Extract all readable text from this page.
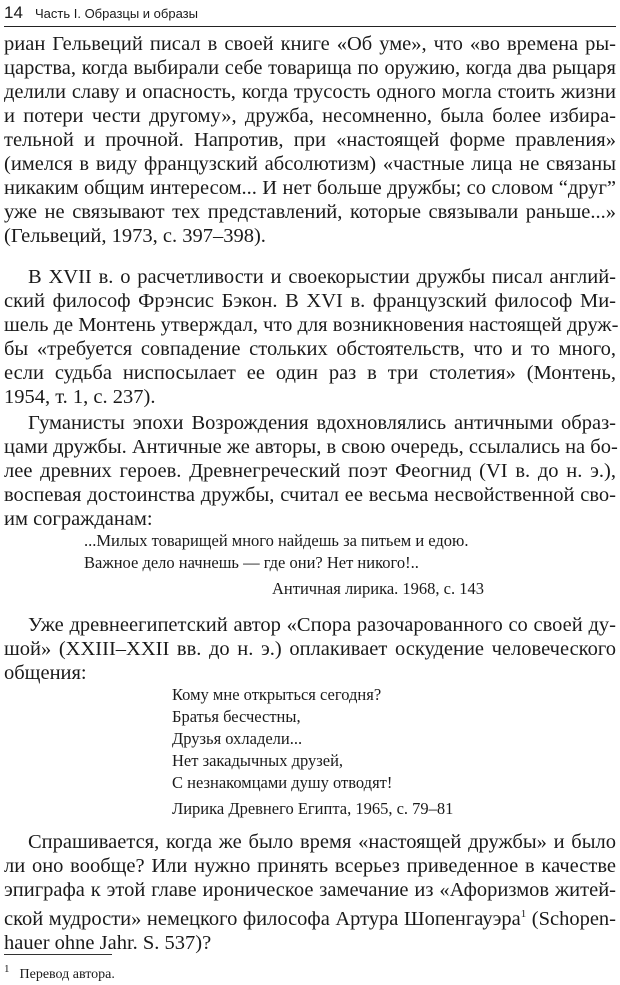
14 Часть I. Образцы и образы
риан Гельвеций писал в своей книге «Об уме», что «во времена ры-
царства, когда выбирали себе товарища по оружию, когда два рыцаря
делили славу и опасность, когда трусость одного могла стоить жизни
и потери чести другому», дружба, несомненно, была более избира-
тельной и прочной. Напротив, при «настоящей форме правления»
(имелся в виду французский абсолютизм) «частные лица не связаны
никаким общим интересом... И нет больше дружбы; со словом “друг”
уже не связывают тех представлений, которые связывали раньше...»
(Гельвеций, 1973, с. 397–398).
В XVII в. о расчетливости и своекорыстии дружбы писал англий-
ский философ Фрэнсис Бэкон. В XVI в. французский философ Ми-
шель де Монтень утверждал, что для возникновения настоящей друж-
бы «требуется совпадение стольких обстоятельств, что и то много,
если судьба ниспосылает ее один раз в три столетия» (Монтень,
1954, т. 1, с. 237).
Гуманисты эпохи Возрождения вдохновлялись античными образ-
цами дружбы. Античные же авторы, в свою очередь, ссылались на бо-
лее древних героев. Древнегреческий поэт Феогнид (VI в. до н. э.),
воспевая достоинства дружбы, считал ее весьма несвойственной сво-
им согражданам:
...Милых товарищей много найдешь за питьем и едою.
Важное дело начнешь — где они? Нет никого!..
Античная лирика. 1968, с. 143
Уже древнеегипетский автор «Спора разочарованного со своей ду-
шой» (XXIII–XXII вв. до н. э.) оплакивает оскудение человеческого
общения:
Кому мне открыться сегодня?
Братья бесчестны,
Друзья охладели...
Нет закадычных друзей,
С незнакомцами душу отводят!
Лирика Древнего Египта, 1965, с. 79–81
Спрашивается, когда же было время «настоящей дружбы» и было
ли оно вообще? Или нужно принять всерьез приведенное в качестве
эпиграфа к этой главе ироническое замечание из «Афоризмов житей-
ской мудрости» немецкого философа Артура Шопенгауэра$^1$ (Schopen-
hauer ohne Jahr. S. 537)?
$^1$ Перевод автора.
